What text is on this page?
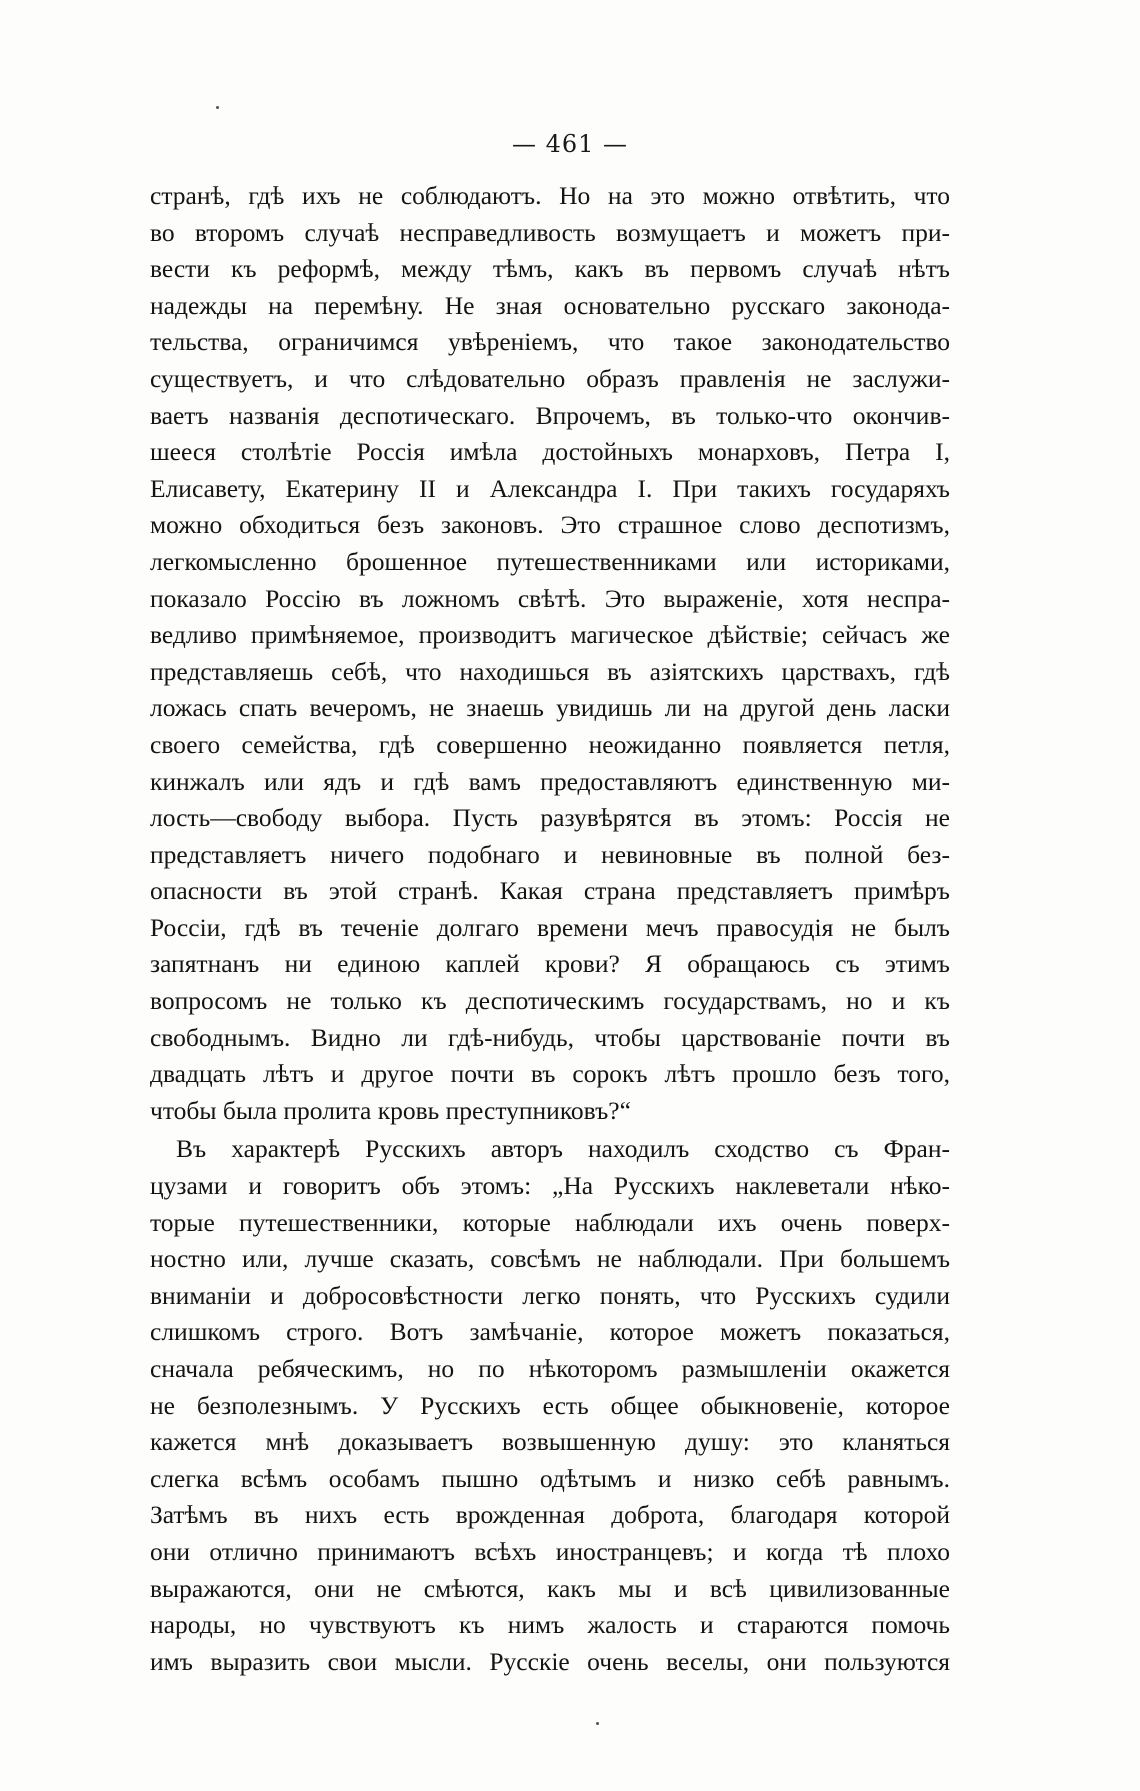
— 461 —
странѣ, гдѣ ихъ не соблюдаютъ. Но на это можно отвѣтить, что
во второмъ случаѣ несправедливость возмущаетъ и можетъ при-
вести къ реформѣ, между тѣмъ, какъ въ первомъ случаѣ нѣтъ
надежды на перемѣну. Не зная основательно русскаго законода-
тельства, ограничимся увѣреніемъ, что такое законодательство
существуетъ, и что слѣдовательно образъ правленія не заслужи-
ваетъ названія деспотическаго. Впрочемъ, въ только-что окончив-
шееся столѣтіе Россія имѣла достойныхъ монарховъ, Петра I,
Елисавету, Екатерину II и Александра I. При такихъ государяхъ
можно обходиться безъ законовъ. Это страшное слово деспотизмъ,
легкомысленно брошенное путешественниками или историками,
показало Россію въ ложномъ свѣтѣ. Это выраженіе, хотя неспра-
ведливо примѣняемое, производитъ магическое дѣйствіе; сейчасъ же
представляешь себѣ, что находишься въ азіятскихъ царствахъ, гдѣ
ложась спать вечеромъ, не знаешь увидишь ли на другой день ласки
своего семейства, гдѣ совершенно неожиданно появляется петля,
кинжалъ или ядъ и гдѣ вамъ предоставляютъ единственную ми-
лость—свободу выбора. Пусть разувѣрятся въ этомъ: Россія не
представляетъ ничего подобнаго и невиновные въ полной без-
опасности въ этой странѣ. Какая страна представляетъ примѣръ
Россіи, гдѣ въ теченіе долгаго времени мечъ правосудія не былъ
запятнанъ ни единою каплей крови? Я обращаюсь съ этимъ
вопросомъ не только къ деспотическимъ государствамъ, но и къ
свободнымъ. Видно ли гдѣ-нибудь, чтобы царствованіе почти въ
двадцать лѣтъ и другое почти въ сорокъ лѣтъ прошло безъ того,
чтобы была пролита кровь преступниковъ?“
Въ характерѣ Русскихъ авторъ находилъ сходство съ Фран-
цузами и говоритъ объ этомъ: „На Русскихъ наклеветали нѣко-
торые путешественники, которые наблюдали ихъ очень поверх-
ностно или, лучше сказать, совсѣмъ не наблюдали. При большемъ
вниманіи и добросовѣстности легко понять, что Русскихъ судили
слишкомъ строго. Вотъ замѣчаніе, которое можетъ показаться,
сначала ребяческимъ, но по нѣкоторомъ размышленіи окажется
не безполезнымъ. У Русскихъ есть общее обыкновеніе, которое
кажется мнѣ доказываетъ возвышенную душу: это кланяться
слегка всѣмъ особамъ пышно одѣтымъ и низко себѣ равнымъ.
Затѣмъ въ нихъ есть врожденная доброта, благодаря которой
они отлично принимаютъ всѣхъ иностранцевъ; и когда тѣ плохо
выражаются, они не смѣются, какъ мы и всѣ цивилизованные
народы, но чувствуютъ къ нимъ жалость и стараются помочь
имъ выразить свои мысли. Русскіе очень веселы, они пользуются
